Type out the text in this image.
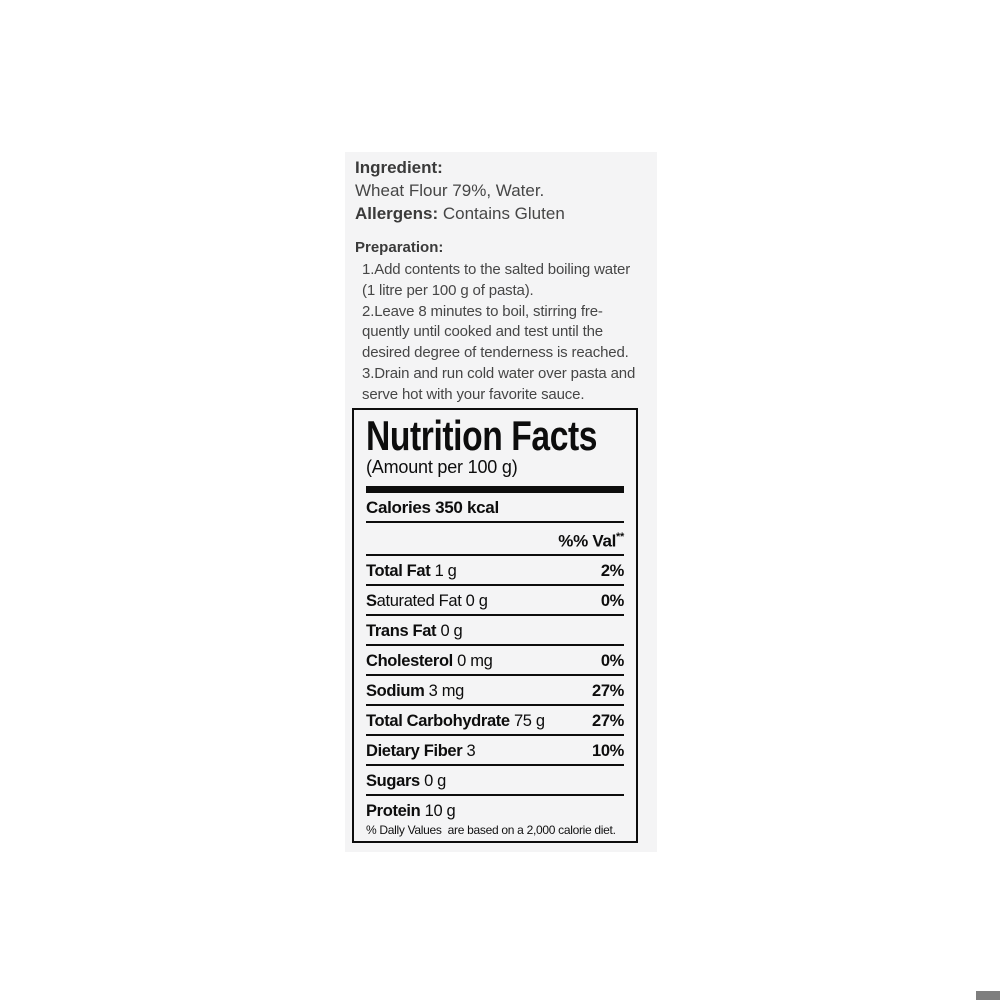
Ingredient:
Wheat Flour 79%, Water.
Allergens: Contains Gluten
Preparation:
1.Add contents to the salted boiling water
(1 litre per 100 g of pasta).
2.Leave 8 minutes to boil, stirring fre-
quently until cooked and test until the
desired degree of tenderness is reached.
3.Drain and run cold water over pasta and
serve hot with your favorite sauce.
Nutrition Facts
(Amount per 100 g)
Calories 350 kcal
%% Val**
Total Fat 1 g	2%
S aturated Fat 0 g	0%
Trans Fat 0 g
Cholesterol 0 mg	0%
Sodium 3 mg	27%
Total Carbohydrate 75 g	27%
Dietary Fiber 3	10%
Sugars 0 g
Protein 10 g
% Dally Values  are based on a 2,000 calorie diet.
